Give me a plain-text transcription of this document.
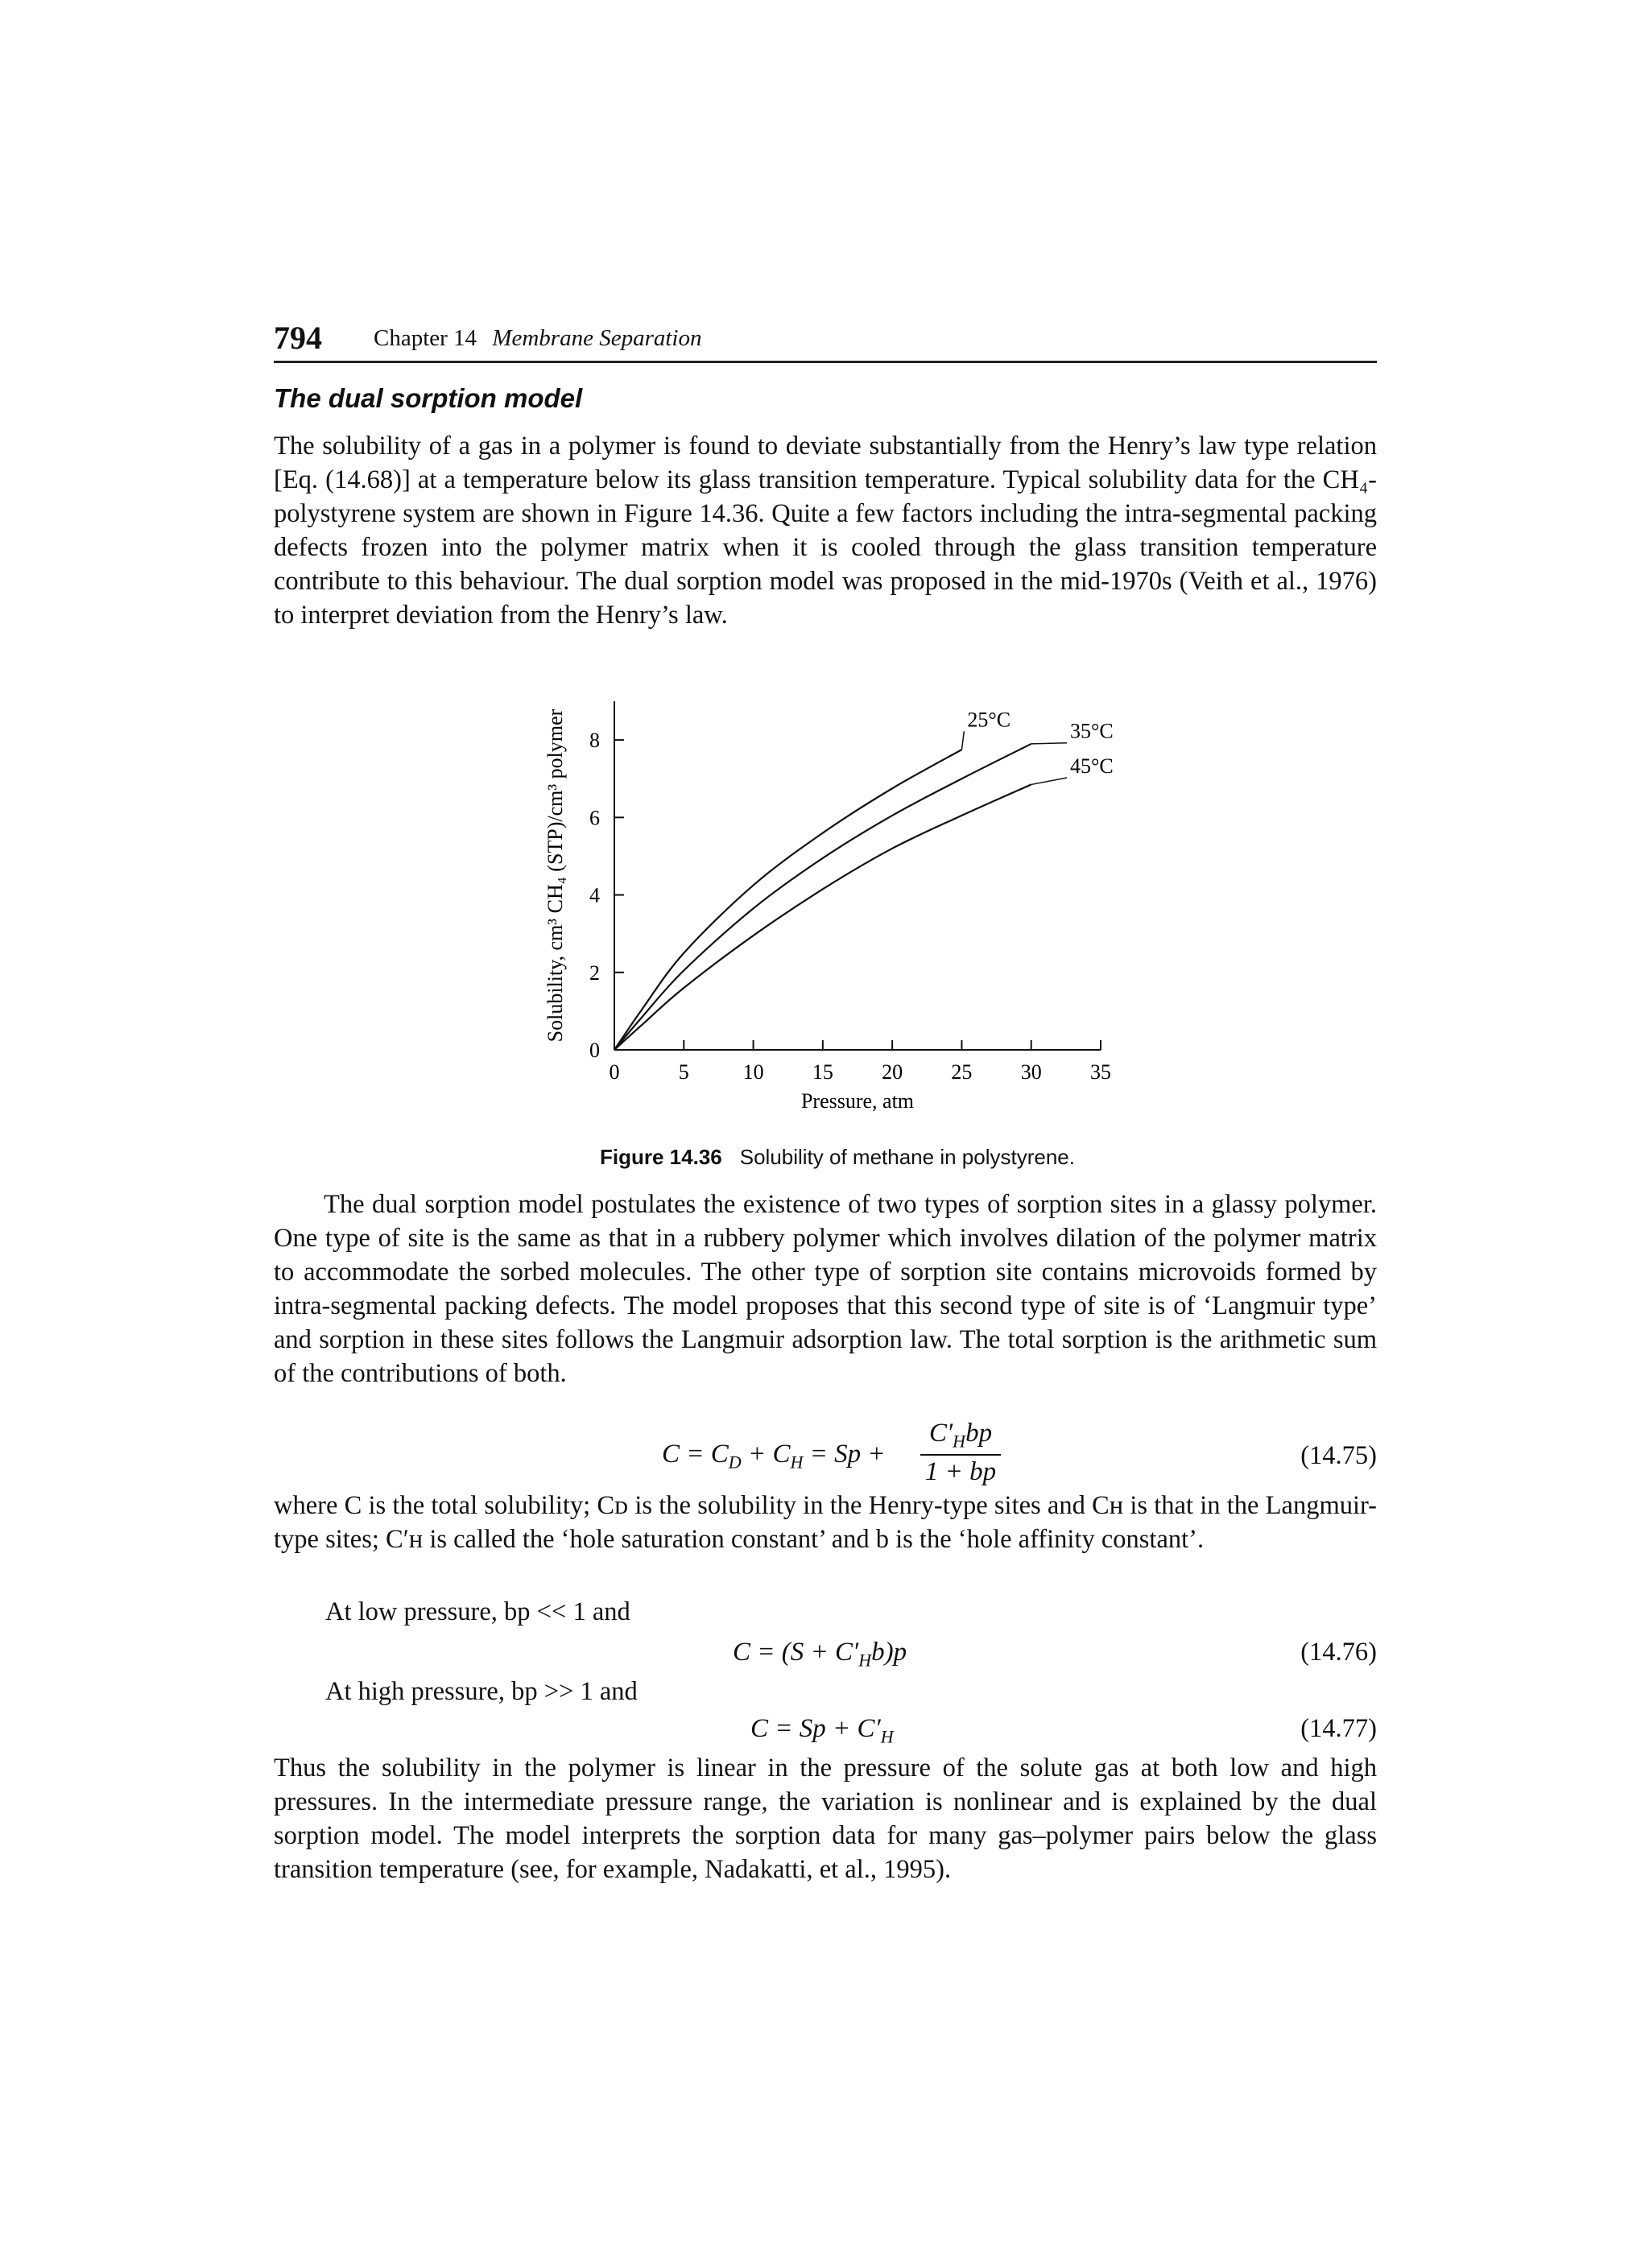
794 Chapter 14 Membrane Separation
The dual sorption model
The solubility of a gas in a polymer is found to deviate substantially from the Henry’s law type relation [Eq. (14.68)] at a temperature below its glass transition temperature. Typical solubility data for the CH₄-polystyrene system are shown in Figure 14.36. Quite a few factors including the intra-segmental packing defects frozen into the polymer matrix when it is cooled through the glass transition temperature contribute to this behaviour. The dual sorption model was proposed in the mid-1970s (Veith et al., 1976) to interpret deviation from the Henry’s law.
0	5	10 15 20 25 30 35
0
2
4
6
8
Pressure, atm
Solubility, cm³ CH₄ (STP)/cm³ polymer	25°C	35°C
45°C
Figure 14.36 Solubility of methane in polystyrene.
The dual sorption model postulates the existence of two types of sorption sites in a glassy polymer. One type of site is the same as that in a rubbery polymer which involves dilation of the polymer matrix to accommodate the sorbed molecules. The other type of sorption site contains microvoids formed by intra-segmental packing defects. The model proposes that this second type of site is of ‘Langmuir type’ and sorption in these sites follows the Langmuir adsorption law. The total sorption is the arithmetic sum of the contributions of both.
$C = C_D + C_H = Sp$ +
$C'_Hbp$
1 + bp
(14.75)
where C is the total solubility; Cᴅ is the solubility in the Henry-type sites and Cʜ is that in the Langmuir-type sites; C′ʜ is called the ‘hole saturation constant’ and b is the ‘hole affinity constant’.
At low pressure, bp << 1 and
$C = (S + C'_Hb)p$	(14.76)
At high pressure, bp >> 1 and
$C = Sp + C'_H$	(14.77)
Thus the solubility in the polymer is linear in the pressure of the solute gas at both low and high pressures. In the intermediate pressure range, the variation is nonlinear and is explained by the dual sorption model. The model interprets the sorption data for many gas–polymer pairs below the glass transition temperature (see, for example, Nadakatti, et al., 1995).
